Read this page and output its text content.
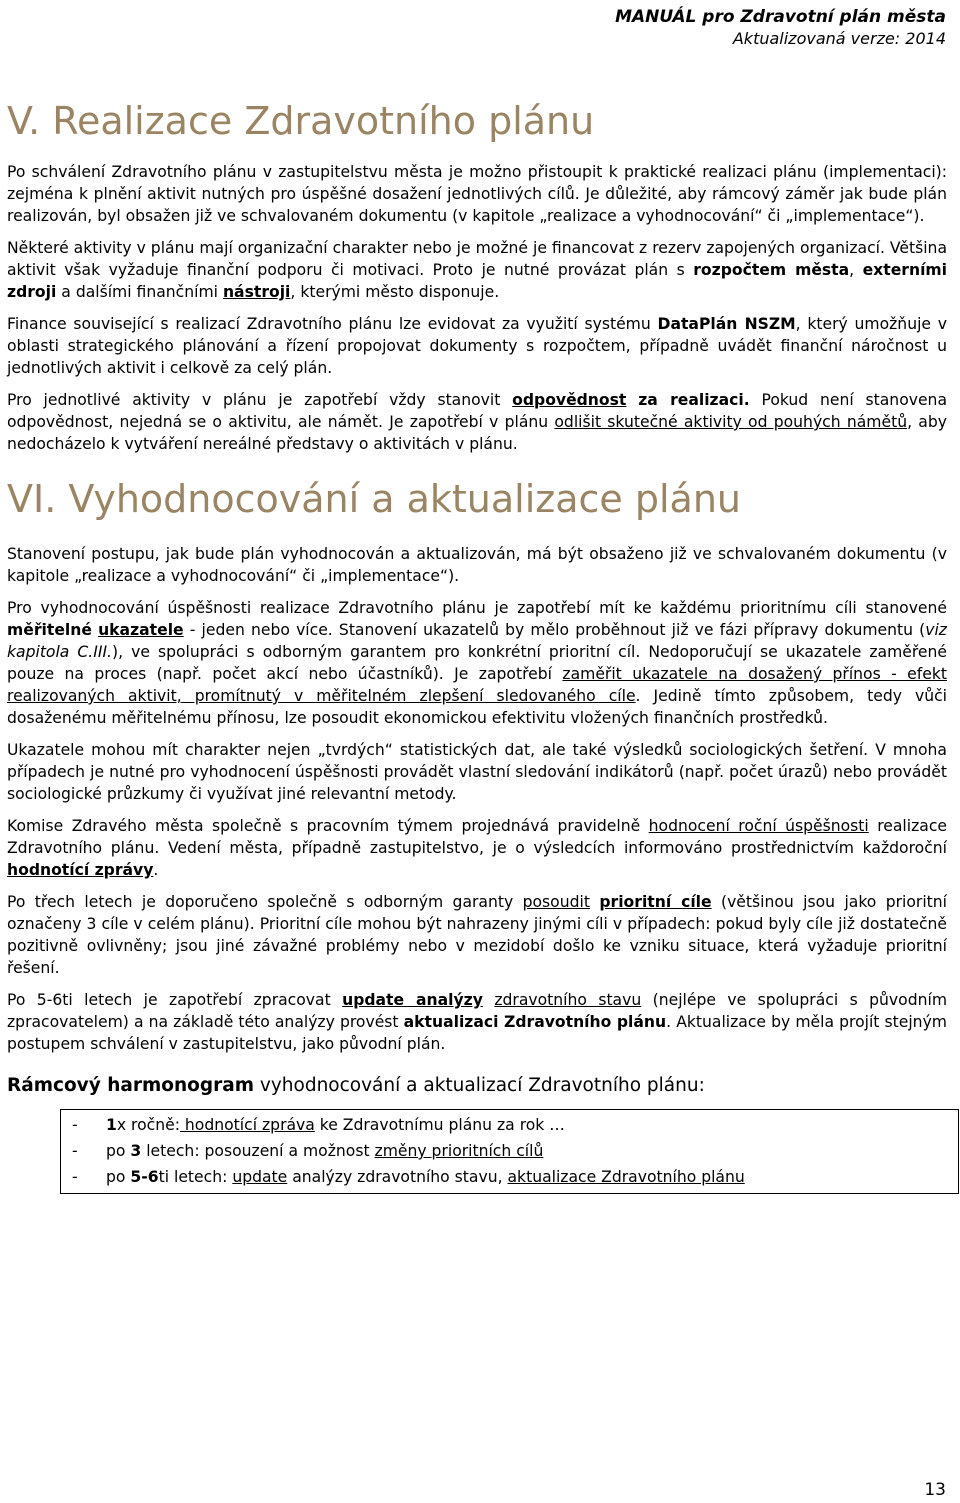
MANUÁL pro Zdravotní plán města
Aktualizovaná verze: 2014
V. Realizace Zdravotního plánu

Po schválení Zdravotního plánu v zastupitelstvu města je možno přistoupit k praktické realizaci plánu (implementaci): zejména k plnění aktivit nutných pro úspěšné dosažení jednotlivých cílů. Je důležité, aby rámcový záměr jak bude plán realizován, byl obsažen již ve schvalovaném dokumentu (v kapitole „realizace a vyhodnocování“ či „implementace“).

Některé aktivity v plánu mají organizační charakter nebo je možné je financovat z rezerv zapojených organizací. Většina aktivit však vyžaduje finanční podporu či motivaci. Proto je nutné provázat plán s rozpočtem města, externími zdroji a dalšími finančními nástroji, kterými město disponuje.

Finance související s realizací Zdravotního plánu lze evidovat za využití systému DataPlán NSZM, který umožňuje v oblasti strategického plánování a řízení propojovat dokumenty s rozpočtem, případně uvádět finanční náročnost u jednotlivých aktivit i celkově za celý plán.

Pro jednotlivé aktivity v plánu je zapotřebí vždy stanovit odpovědnost za realizaci. Pokud není stanovena odpovědnost, nejedná se o aktivitu, ale námět. Je zapotřebí v plánu odlišit skutečné aktivity od pouhých námětů, aby nedocházelo k vytváření nereálné představy o aktivitách v plánu.

VI. Vyhodnocování a aktualizace plánu

Stanovení postupu, jak bude plán vyhodnocován a aktualizován, má být obsaženo již ve schvalovaném dokumentu (v kapitole „realizace a vyhodnocování“ či „implementace“).

Pro vyhodnocování úspěšnosti realizace Zdravotního plánu je zapotřebí mít ke každému prioritnímu cíli stanovené měřitelné ukazatele - jeden nebo více. Stanovení ukazatelů by mělo proběhnout již ve fázi přípravy dokumentu (viz kapitola C.III.), ve spolupráci s odborným garantem pro konkrétní prioritní cíl. Nedoporučují se ukazatele zaměřené pouze na proces (např. počet akcí nebo účastníků). Je zapotřebí zaměřit ukazatele na dosažený přínos - efekt realizovaných aktivit, promítnutý v měřitelném zlepšení sledovaného cíle. Jedině tímto způsobem, tedy vůči dosaženému měřitelnému přínosu, lze posoudit ekonomickou efektivitu vložených finančních prostředků.

Ukazatele mohou mít charakter nejen „tvrdých“ statistických dat, ale také výsledků sociologických šetření. V mnoha případech je nutné pro vyhodnocení úspěšnosti provádět vlastní sledování indikátorů (např. počet úrazů) nebo provádět sociologické průzkumy či využívat jiné relevantní metody.

Komise Zdravého města společně s pracovním týmem projednává pravidelně hodnocení roční úspěšnosti realizace Zdravotního plánu. Vedení města, případně zastupitelstvo, je o výsledcích informováno prostřednictvím každoroční hodnotící zprávy.

Po třech letech je doporučeno společně s odborným garanty posoudit prioritní cíle (většinou jsou jako prioritní označeny 3 cíle v celém plánu). Prioritní cíle mohou být nahrazeny jinými cíli v případech: pokud byly cíle již dostatečně pozitivně ovlivněny; jsou jiné závažné problémy nebo v mezidobí došlo ke vzniku situace, která vyžaduje prioritní řešení.

Po 5-6ti letech je zapotřebí zpracovat update analýzy zdravotního stavu (nejlépe ve spolupráci s původním zpracovatelem) a na základě této analýzy provést aktualizaci Zdravotního plánu. Aktualizace by měla projít stejným postupem schválení v zastupitelstvu, jako původní plán.

Rámcový harmonogram vyhodnocování a aktualizací Zdravotního plánu:
-	1x ročně: hodnotící zpráva ke Zdravotnímu plánu za rok …
-	po 3 letech: posouzení a možnost změny prioritních cílů
-	po 5-6ti letech: update analýzy zdravotního stavu, aktualizace Zdravotního plánu
13
